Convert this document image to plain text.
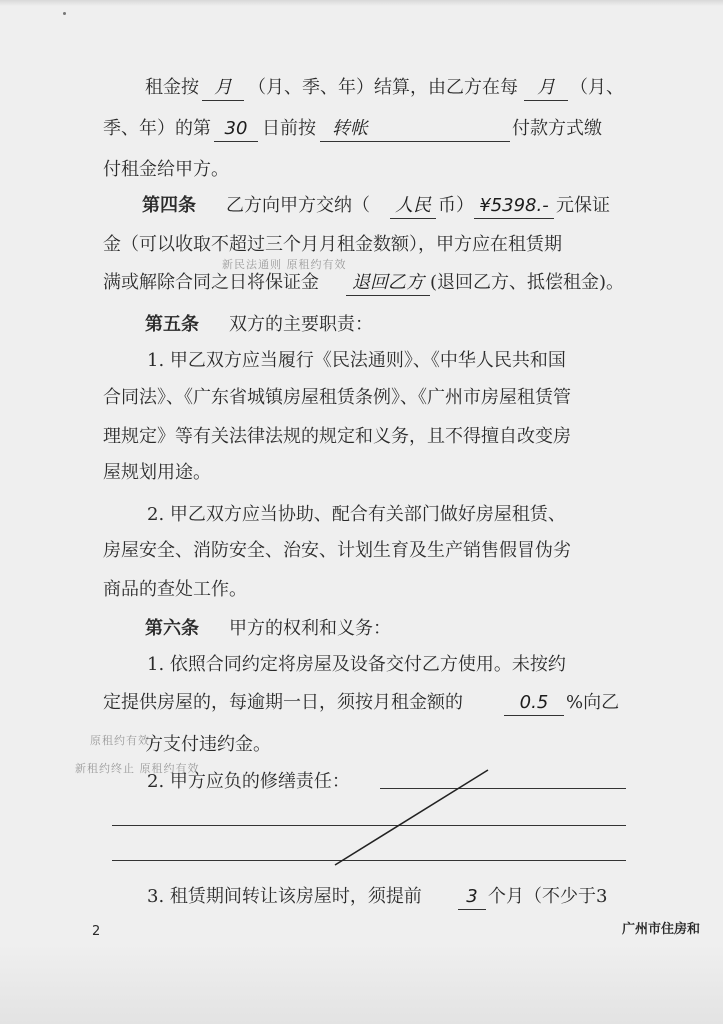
租金按 月 （月、季、年）结算，由乙方在每	月 （月、
季、年）的第 30 日前按 转帐	付款方式缴
付租金给甲方。
第四条 乙方向甲方交纳（ 人民 币） ¥5398.- 元保证
金（可以收取不超过三个月月租金数额），甲方应在租赁期
新民法通则 原租约有效
满或解除合同之日将保证金	退回乙方 (退回乙方、抵偿租金)。
第五条 双方的主要职责：
1. 甲乙双方应当履行《民法通则》、《中华人民共和国
合同法》、《广东省城镇房屋租赁条例》、《广州市房屋租赁管
理规定》等有关法律法规的规定和义务，且不得擅自改变房
屋规划用途。
2. 甲乙双方应当协助、配合有关部门做好房屋租赁、
房屋安全、消防安全、治安、计划生育及生产销售假冒伪劣
商品的查处工作。
第六条 甲方的权利和义务：
1. 依照合同约定将房屋及设备交付乙方使用。未按约
定提供房屋的，每逾期一日，须按月租金额的	0.5 %向乙
原租约有效
方支付违约金。
新租约终止 原租约有效
2. 甲方应负的修缮责任：
3. 租赁期间转让该房屋时，须提前	3 个月（不少于3
2	广州市住房和
